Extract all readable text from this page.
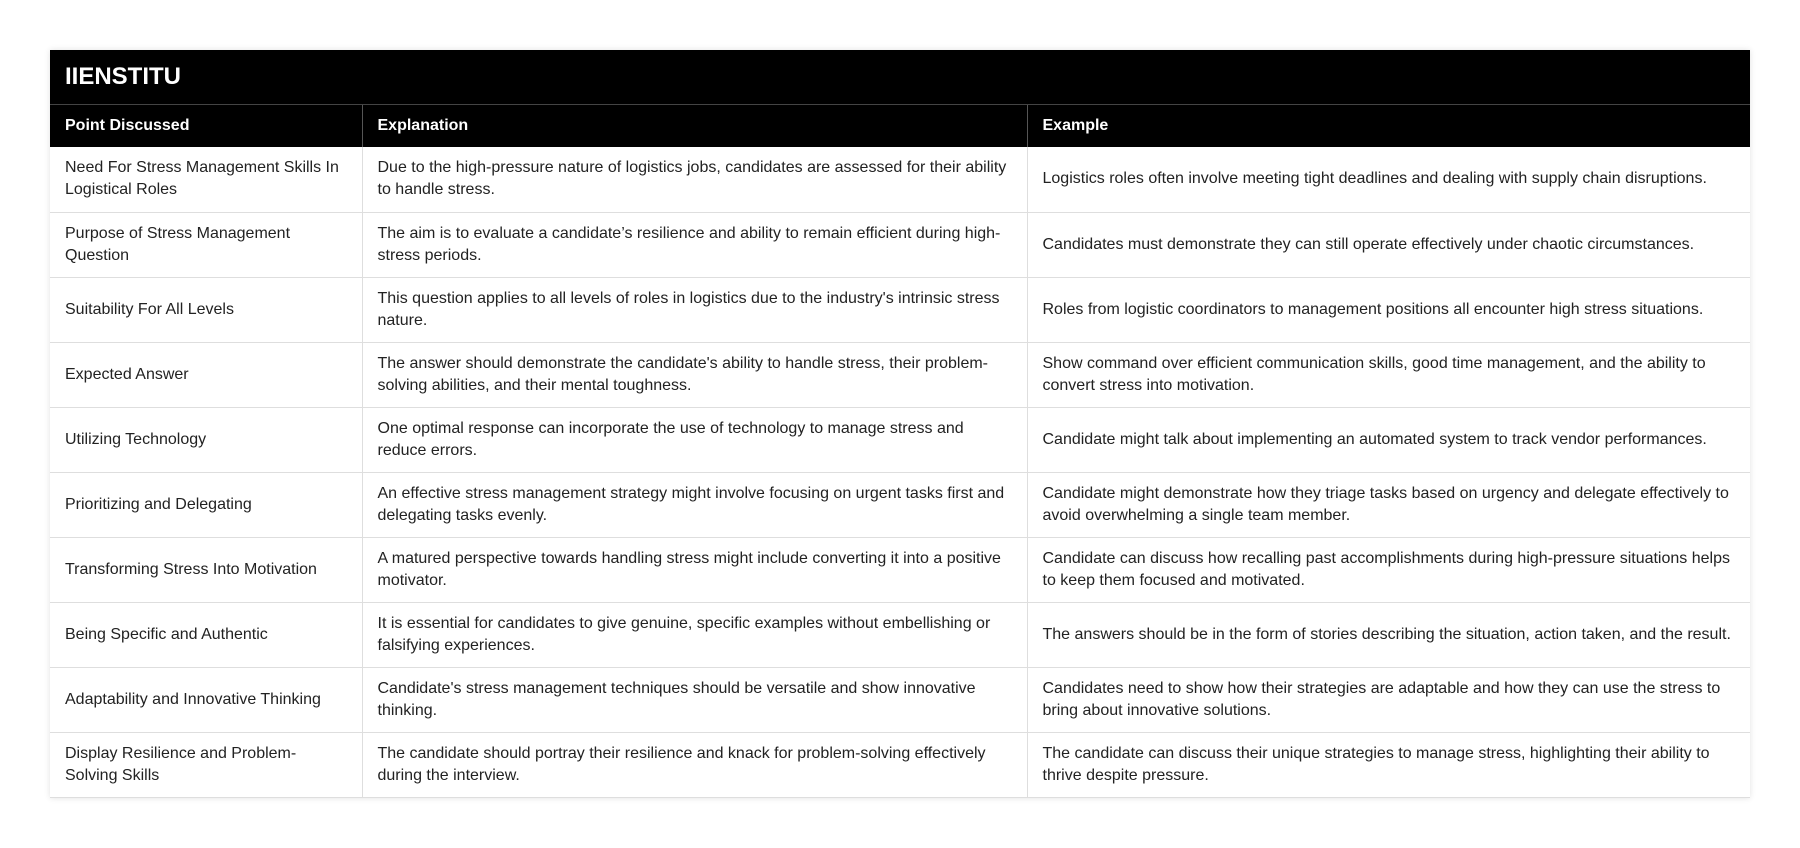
IIENSTITU		
Point Discussed	Explanation	Example
Need For Stress Management Skills In Logistical Roles	Due to the high-pressure nature of logistics jobs, candidates are assessed for their ability to handle stress.	Logistics roles often involve meeting tight deadlines and dealing with supply chain disruptions.
Purpose of Stress Management Question	The aim is to evaluate a candidate’s resilience and ability to remain efficient during high-stress periods.	Candidates must demonstrate they can still operate effectively under chaotic circumstances.
Suitability For All Levels	This question applies to all levels of roles in logistics due to the industry's intrinsic stress nature.	Roles from logistic coordinators to management positions all encounter high stress situations.
Expected Answer	The answer should demonstrate the candidate's ability to handle stress, their problem-solving abilities, and their mental toughness.	Show command over efficient communication skills, good time management, and the ability to convert stress into motivation.
Utilizing Technology	One optimal response can incorporate the use of technology to manage stress and reduce errors.	Candidate might talk about implementing an automated system to track vendor performances.
Prioritizing and Delegating	An effective stress management strategy might involve focusing on urgent tasks first and delegating tasks evenly.	Candidate might demonstrate how they triage tasks based on urgency and delegate effectively to avoid overwhelming a single team member.
Transforming Stress Into Motivation	A matured perspective towards handling stress might include converting it into a positive motivator.	Candidate can discuss how recalling past accomplishments during high-pressure situations helps to keep them focused and motivated.
Being Specific and Authentic	It is essential for candidates to give genuine, specific examples without embellishing or falsifying experiences.	The answers should be in the form of stories describing the situation, action taken, and the result.
Adaptability and Innovative Thinking	Candidate's stress management techniques should be versatile and show innovative thinking.	Candidates need to show how their strategies are adaptable and how they can use the stress to bring about innovative solutions.
Display Resilience and Problem-Solving Skills	The candidate should portray their resilience and knack for problem-solving effectively during the interview.	The candidate can discuss their unique strategies to manage stress, highlighting their ability to thrive despite pressure.
